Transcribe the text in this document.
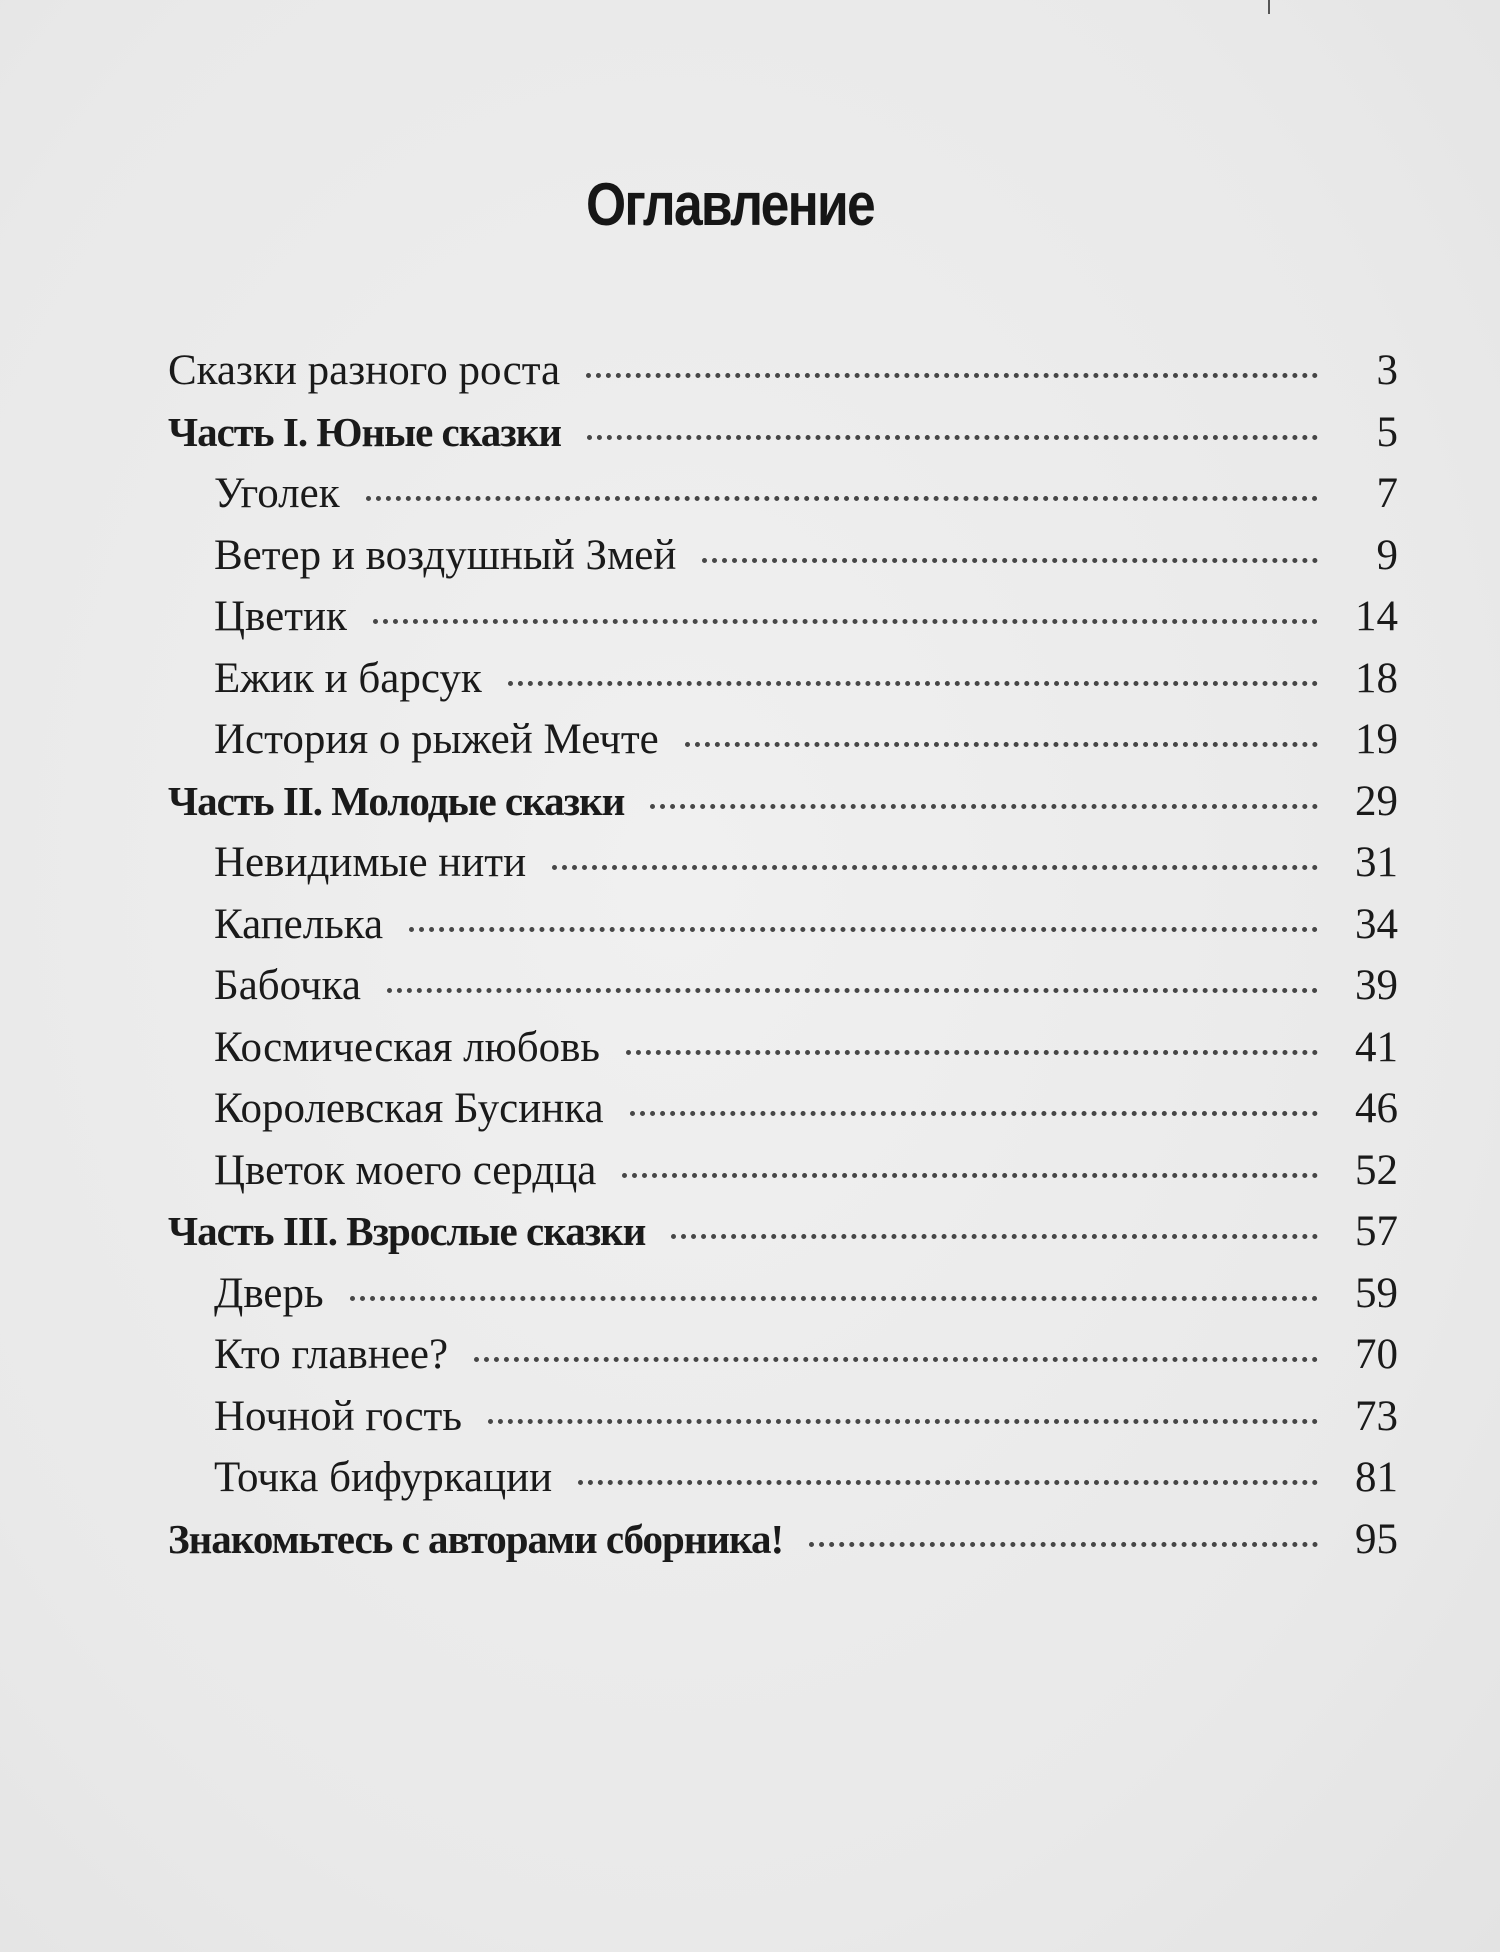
Оглавление
Сказки разного роста	3
Часть I. Юные сказки	5
Уголек	7
Ветер и воздушный Змей	9
Цветик	14
Ежик и барсук	18
История о рыжей Мечте	19
Часть II. Молодые сказки	29
Невидимые нити	31
Капелька	34
Бабочка	39
Космическая любовь	41
Королевская Бусинка	46
Цветок моего сердца	52
Часть III. Взрослые сказки	57
Дверь	59
Кто главнее?	70
Ночной гость	73
Точка бифуркации	81
Знакомьтесь с авторами сборника!	95
